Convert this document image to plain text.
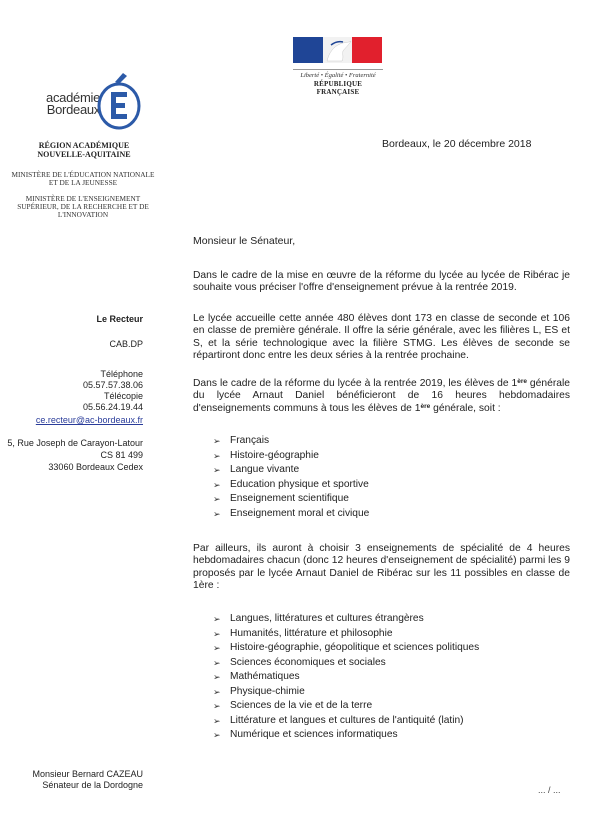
Liberté • Égalité • Fraternité
RÉPUBLIQUE FRANÇAISE
académie
Bordeaux
RÉGION ACADÉMIQUE NOUVELLE-AQUITAINE
MINISTÈRE DE L'ÉDUCATION NATIONALE ET DE LA JEUNESSE
MINISTÈRE DE L'ENSEIGNEMENT SUPÉRIEUR, DE LA RECHERCHE ET DE L'INNOVATION
Le Recteur
CAB.DP
Téléphone
05.57.57.38.06
Télécopie
05.56.24.19.44
ce.recteur@ac-bordeaux.fr
5, Rue Joseph de Carayon-Latour
CS 81 499
33060 Bordeaux Cedex
Monsieur Bernard CAZEAU
Sénateur de la Dordogne
Bordeaux, le 20 décembre 2018
Monsieur le Sénateur,
Dans le cadre de la mise en œuvre de la réforme du lycée au lycée de Ribérac je souhaite vous préciser l'offre d'enseignement prévue à la rentrée 2019.
Le lycée accueille cette année 480 élèves dont 173 en classe de seconde et 106 en classe de première générale. Il offre la série générale, avec les filières L, ES et S, et la série technologique avec la filière STMG. Les élèves de seconde se répartiront donc entre les deux séries à la rentrée prochaine.
Dans le cadre de la réforme du lycée à la rentrée 2019, les élèves de 1ère générale du lycée Arnaut Daniel bénéficieront de 16 heures hebdomadaires d'enseignements communs à tous les élèves de 1ère générale, soit :
➢ Français
➢ Histoire-géographie
➢ Langue vivante
➢ Education physique et sportive
➢ Enseignement scientifique
➢ Enseignement moral et civique
Par ailleurs, ils auront à choisir 3 enseignements de spécialité de 4 heures hebdomadaires chacun (donc 12 heures d'enseignement de spécialité) parmi les 9 proposés par le lycée Arnaut Daniel de Ribérac sur les 11 possibles en classe de 1ère :
➢ Langues, littératures et cultures étrangères
➢ Humanités, littérature et philosophie
➢ Histoire-géographie, géopolitique et sciences politiques
➢ Sciences économiques et sociales
➢ Mathématiques
➢ Physique-chimie
➢ Sciences de la vie et de la terre
➢ Littérature et langues et cultures de l'antiquité (latin)
➢ Numérique et sciences informatiques
... / ...
